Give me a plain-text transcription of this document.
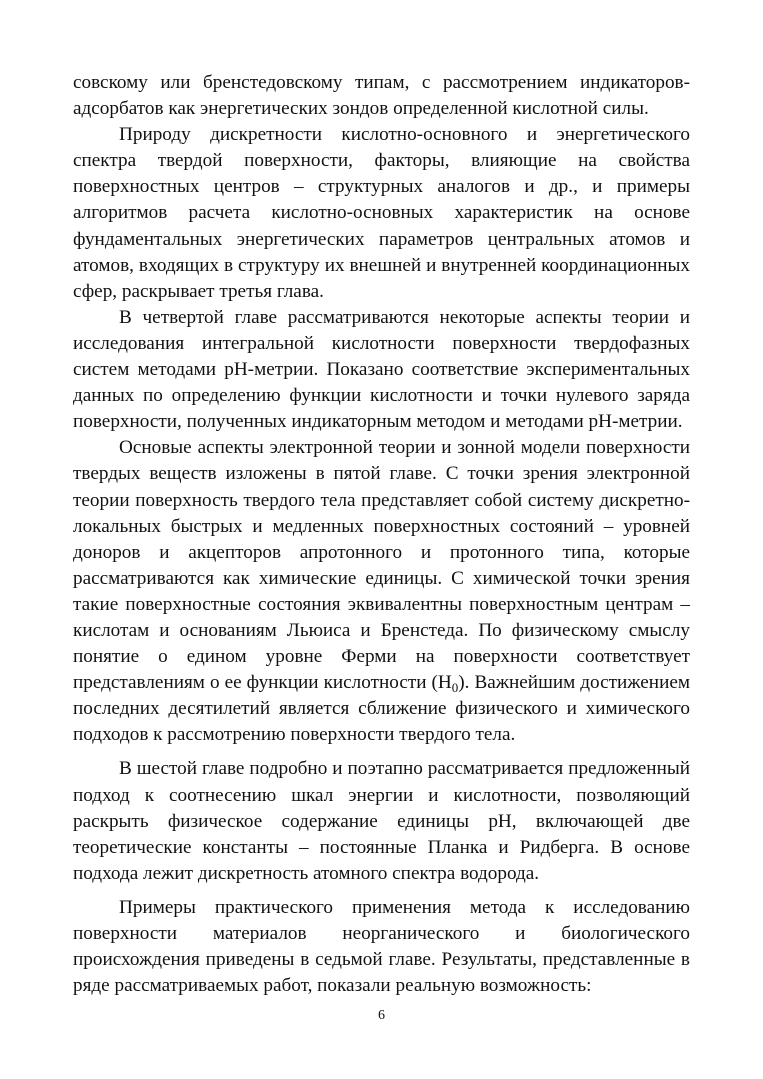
совскому или бренстедовскому типам, с рассмотрением индикаторов-адсорбатов как энергетических зондов определенной кислотной силы.

Природу дискретности кислотно-основного и энергетического спектра твердой поверхности, факторы, влияющие на свойства поверхностных центров – структурных аналогов и др., и примеры алгоритмов расчета кислотно-основных характеристик на основе фундаментальных энергетических параметров центральных атомов и атомов, входящих в структуру их внешней и внутренней координационных сфер, раскрывает третья глава.

В четвертой главе рассматриваются некоторые аспекты теории и исследования интегральной кислотности поверхности твердофазных систем методами pH-метрии. Показано соответствие экспериментальных данных по определению функции кислотности и точки нулевого заряда поверхности, полученных индикаторным методом и методами pH-метрии.

Основые аспекты электронной теории и зонной модели поверхности твердых веществ изложены в пятой главе. С точки зрения электронной теории поверхность твердого тела представляет собой систему дискретно-локальных быстрых и медленных поверхностных состояний – уровней доноров и акцепторов апротонного и протонного типа, которые рассматриваются как химические единицы. С химической точки зрения такие поверхностные состояния эквивалентны поверхностным центрам – кислотам и основаниям Льюиса и Бренстеда. По физическому смыслу понятие о едином уровне Ферми на поверхности соответствует представлениям о ее функции кислотности $(H_0)$. Важнейшим достижением последних десятилетий является сближение физического и химического подходов к рассмотрению поверхности твердого тела.

В шестой главе подробно и поэтапно рассматривается предложенный подход к соотнесению шкал энергии и кислотности, позволяющий раскрыть физическое содержание единицы pH, включающей две теоретические константы – постоянные Планка и Ридберга. В основе подхода лежит дискретность атомного спектра водорода.

Примеры практического применения метода к исследованию поверхности материалов неорганического и биологического происхождения приведены в седьмой главе. Результаты, представленные в ряде рассматриваемых работ, показали реальную возможность:

6
